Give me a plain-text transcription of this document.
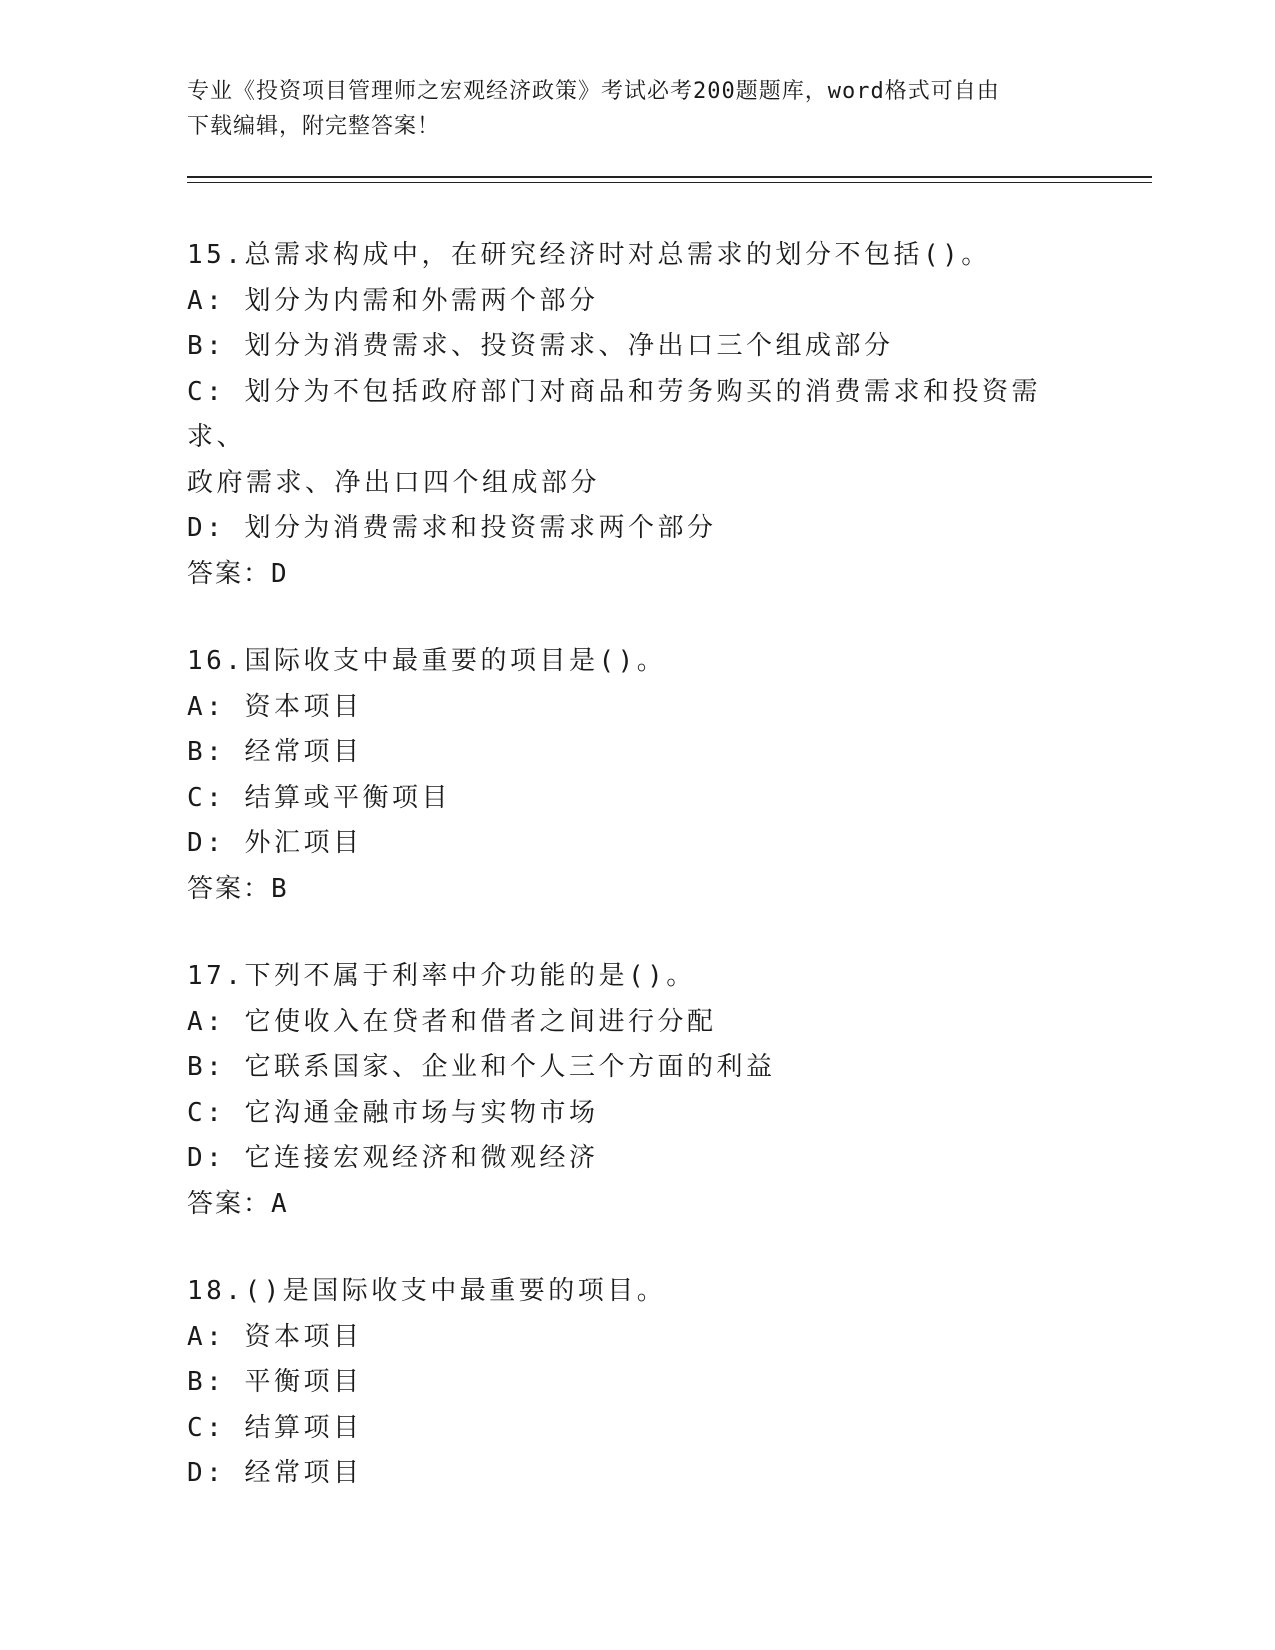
专业《投资项目管理师之宏观经济政策》考试必考200题题库，word格式可自由
下载编辑，附完整答案！
15.总需求构成中，在研究经济时对总需求的划分不包括()。
A: 划分为内需和外需两个部分
B: 划分为消费需求、投资需求、净出口三个组成部分
C: 划分为不包括政府部门对商品和劳务购买的消费需求和投资需求、
政府需求、净出口四个组成部分
D: 划分为消费需求和投资需求两个部分
答案：D
16.国际收支中最重要的项目是()。
A: 资本项目
B: 经常项目
C: 结算或平衡项目
D: 外汇项目
答案：B
17.下列不属于利率中介功能的是()。
A: 它使收入在贷者和借者之间进行分配
B: 它联系国家、企业和个人三个方面的利益
C: 它沟通金融市场与实物市场
D: 它连接宏观经济和微观经济
答案：A
18.()是国际收支中最重要的项目。
A: 资本项目
B: 平衡项目
C: 结算项目
D: 经常项目
